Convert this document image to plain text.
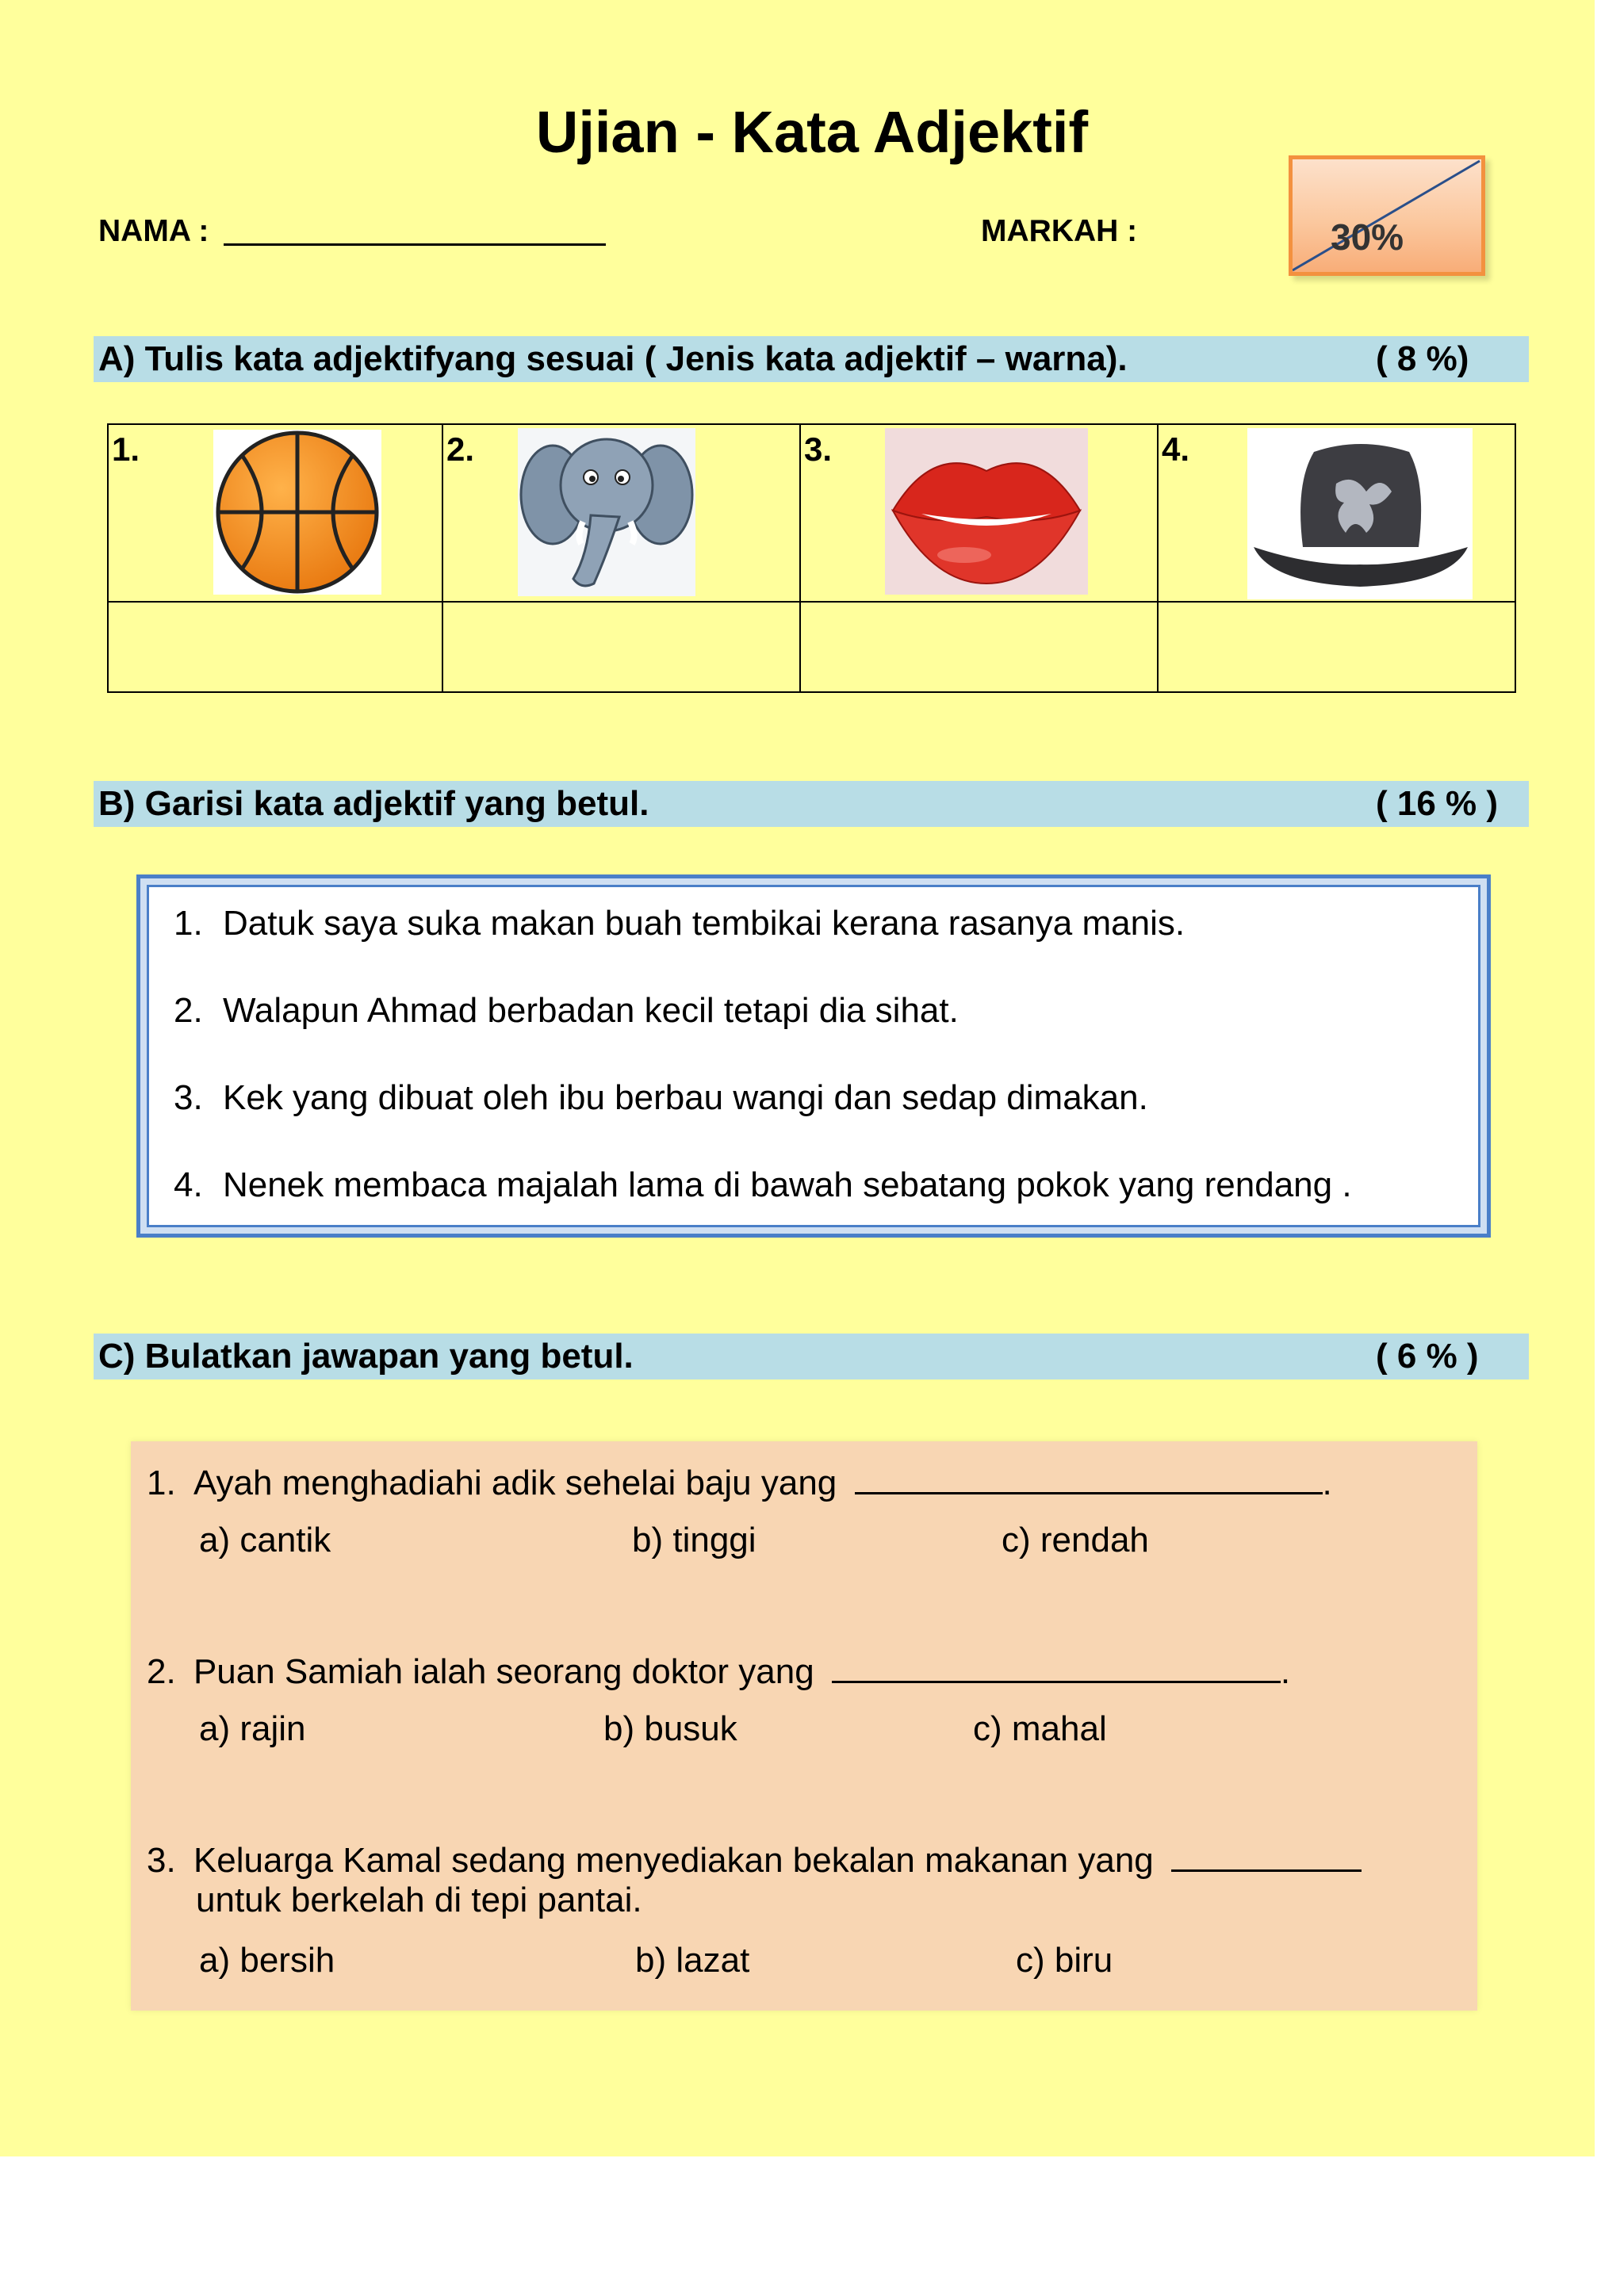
Ujian - Kata Adjektif
NAMA :	MARKAH :	30%
A) Tulis kata adjektifyang sesuai ( Jenis kata adjektif – warna).	( 8 %)
1.	2.	3.	4.

B) Garisi kata adjektif yang betul.	( 16 % )
1. Datuk saya suka makan buah tembikai kerana rasanya manis.
2. Walapun Ahmad berbadan kecil tetapi dia sihat.
3. Kek yang dibuat oleh ibu berbau wangi dan sedap dimakan.
4. Nenek membaca majalah lama di bawah sebatang pokok yang rendang .
C) Bulatkan jawapan yang betul.	( 6 % )
1. Ayah menghadiahi adik sehelai baju yang	.
a) cantik	b) tinggi	c) rendah
2. Puan Samiah ialah seorang doktor yang	.
a) rajin	b) busuk	c) mahal
3. Keluarga Kamal sedang menyediakan bekalan makanan yang
untuk berkelah di tepi pantai.
a) bersih	b) lazat	c) biru
